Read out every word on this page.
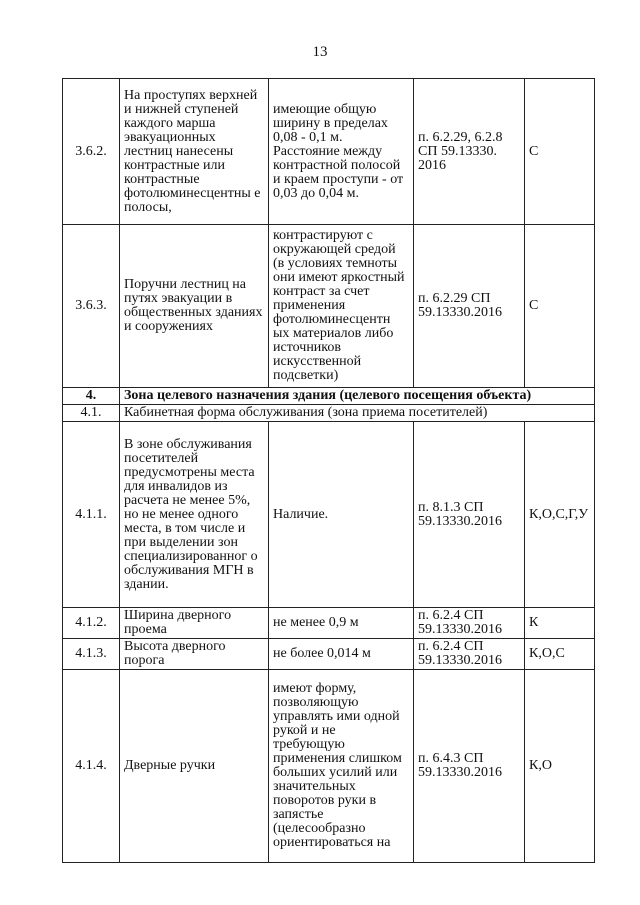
13
3.6.2.	На проступях верхней и нижней ступеней каждого марша эвакуационных лестниц нанесены контрастные или контрастные фотолюминесцентны е полосы,	имеющие общую ширину в пределах 0,08 - 0,1 м. Расстояние между контрастной полосой и краем проступи - от 0,03 до 0,04 м.	п. 6.2.29, 6.2.8 СП 59.13330. 2016	С
3.6.3.	Поручни лестниц на путях эвакуации в общественных зданиях и сооружениях	контрастируют с окружающей средой (в условиях темноты они имеют яркостный контраст за счет применения фотолюминесцентн ых материалов либо источников искусственной подсветки)	п. 6.2.29 СП 59.13330.2016	С
4.	Зона целевого назначения здания (целевого посещения объекта)			
4.1.	Кабинетная форма обслуживания (зона приема посетителей)			
4.1.1.	В зоне обслуживания посетителей предусмотрены места для инвалидов из расчета не менее 5%, но не менее одного места, в том числе и при выделении зон специализированног о обслуживания МГН в здании.	Наличие.	п. 8.1.3 СП 59.13330.2016	К,О,С,Г,У
4.1.2.	Ширина дверного проема	не менее 0,9 м	п. 6.2.4 СП 59.13330.2016	К
4.1.3.	Высота дверного порога	не более 0,014 м	п. 6.2.4 СП 59.13330.2016	К,О,С
4.1.4.	Дверные ручки	имеют форму, позволяющую управлять ими одной рукой и не требующую применения слишком больших усилий или значительных поворотов руки в запястье (целесообразно ориентироваться на	п. 6.4.3 СП 59.13330.2016	К,О
